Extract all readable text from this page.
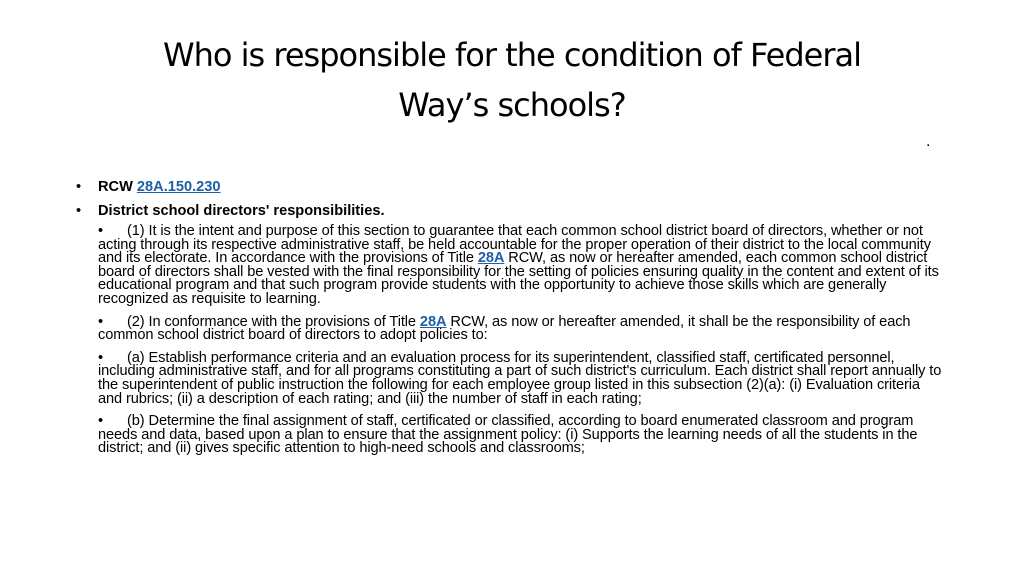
Who is responsible for the condition of Federal
Way’s schools?
.
• RCW 28A.150.230
• District school directors' responsibilities.
• (1) It is the intent and purpose of this section to guarantee that each common school district board of directors, whether or not acting through its respective administrative staff, be held accountable for the proper operation of their district to the local community and its electorate. In accordance with the provisions of Title 28A RCW, as now or hereafter amended, each common school district board of directors shall be vested with the final responsibility for the setting of policies ensuring quality in the content and extent of its educational program and that such program provide students with the opportunity to achieve those skills which are generally recognized as requisite to learning.
• (2) In conformance with the provisions of Title 28A RCW, as now or hereafter amended, it shall be the responsibility of each common school district board of directors to adopt policies to:
• (a) Establish performance criteria and an evaluation process for its superintendent, classified staff, certificated personnel, including administrative staff, and for all programs constituting a part of such district's curriculum. Each district shall report annually to the superintendent of public instruction the following for each employee group listed in this subsection (2)(a): (i) Evaluation criteria and rubrics; (ii) a description of each rating; and (iii) the number of staff in each rating;
• (b) Determine the final assignment of staff, certificated or classified, according to board enumerated classroom and program needs and data, based upon a plan to ensure that the assignment policy: (i) Supports the learning needs of all the students in the district; and (ii) gives specific attention to high-need schools and classrooms;
